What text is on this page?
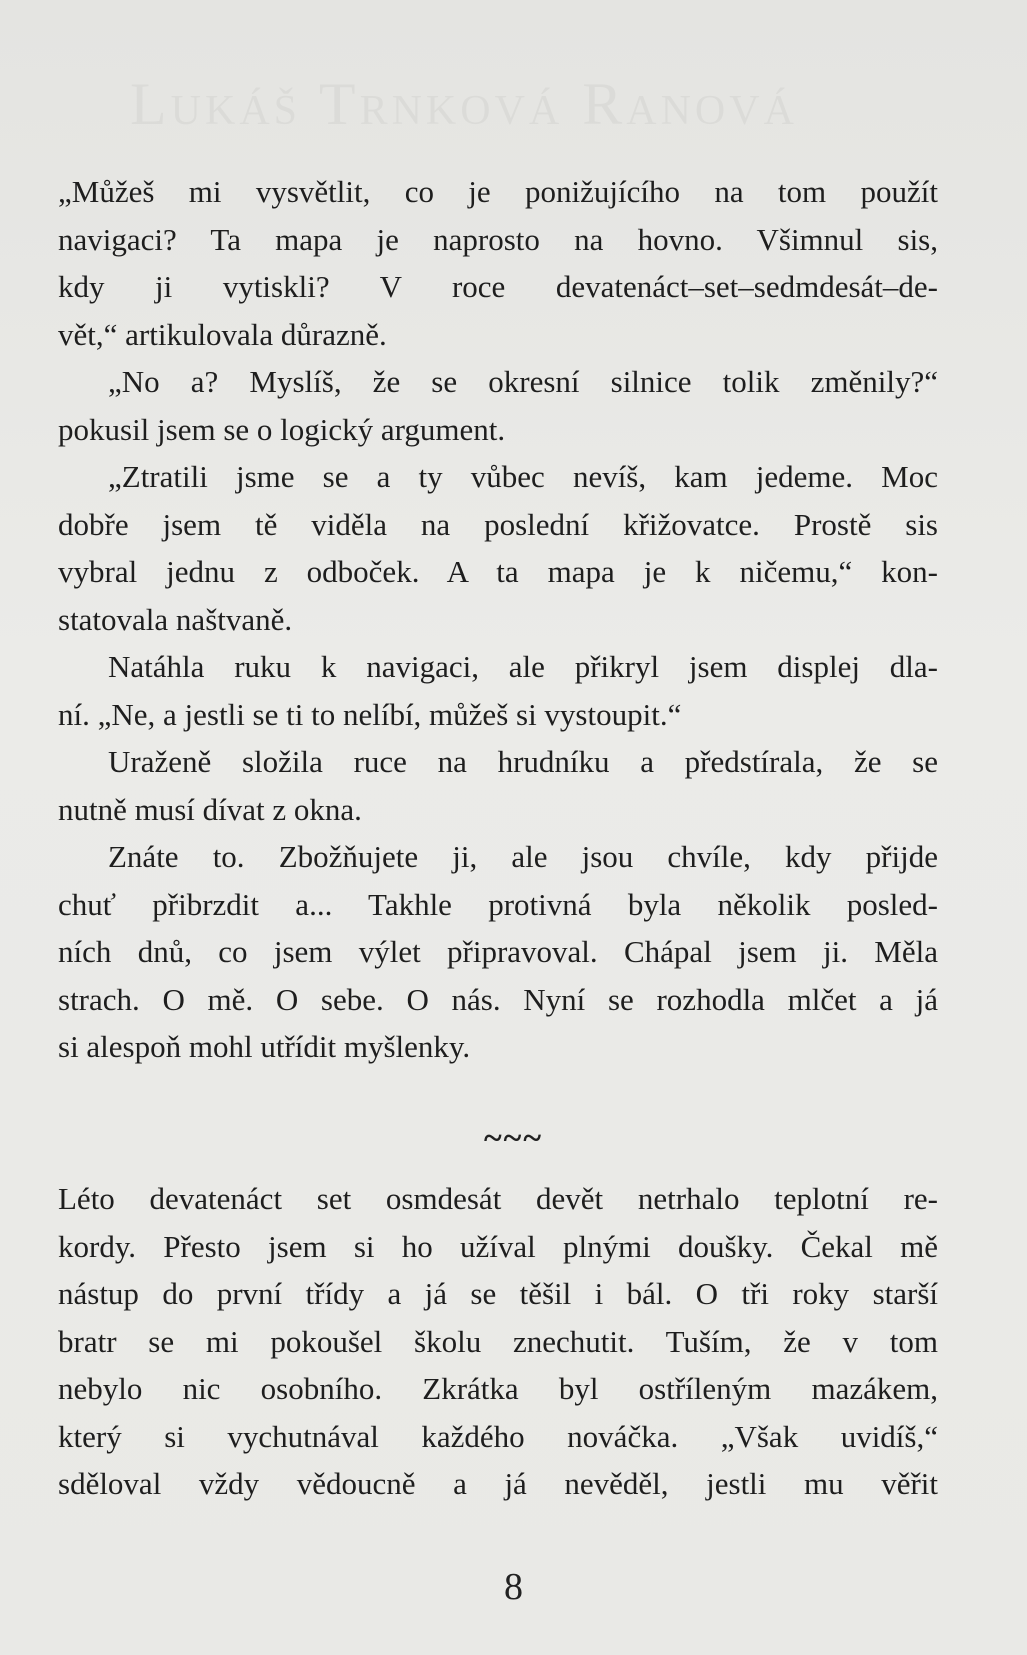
„Můžeš mi vysvětlit, co je ponižujícího na tom použít
navigaci? Ta mapa je naprosto na hovno. Všimnul sis,
kdy ji vytiskli? V roce devatenáct–set–sedmdesát–de-
vět,“ artikulovala důrazně.
„No a? Myslíš, že se okresní silnice tolik změnily?“
pokusil jsem se o logický argument.
„Ztratili jsme se a ty vůbec nevíš, kam jedeme. Moc
dobře jsem tě viděla na poslední křižovatce. Prostě sis
vybral jednu z odboček. A ta mapa je k ničemu,“ kon-
statovala naštvaně.
Natáhla ruku k navigaci, ale přikryl jsem displej dla-
ní. „Ne, a jestli se ti to nelíbí, můžeš si vystoupit.“
Uraženě složila ruce na hrudníku a předstírala, že se
nutně musí dívat z okna.
Znáte to. Zbožňujete ji, ale jsou chvíle, kdy přijde
chuť přibrzdit a... Takhle protivná byla několik posled-
ních dnů, co jsem výlet připravoval. Chápal jsem ji. Měla
strach. O mě. O sebe. O nás. Nyní se rozhodla mlčet a já
si alespoň mohl utřídit myšlenky.
~~~
Léto devatenáct set osmdesát devět netrhalo teplotní re-
kordy. Přesto jsem si ho užíval plnými doušky. Čekal mě
nástup do první třídy a já se těšil i bál. O tři roky starší
bratr se mi pokoušel školu znechutit. Tuším, že v tom
nebylo nic osobního. Zkrátka byl ostříleným mazákem,
který si vychutnával každého nováčka. „Však uvidíš,“
sděloval vždy vědoucně a já nevěděl, jestli mu věřit
8
